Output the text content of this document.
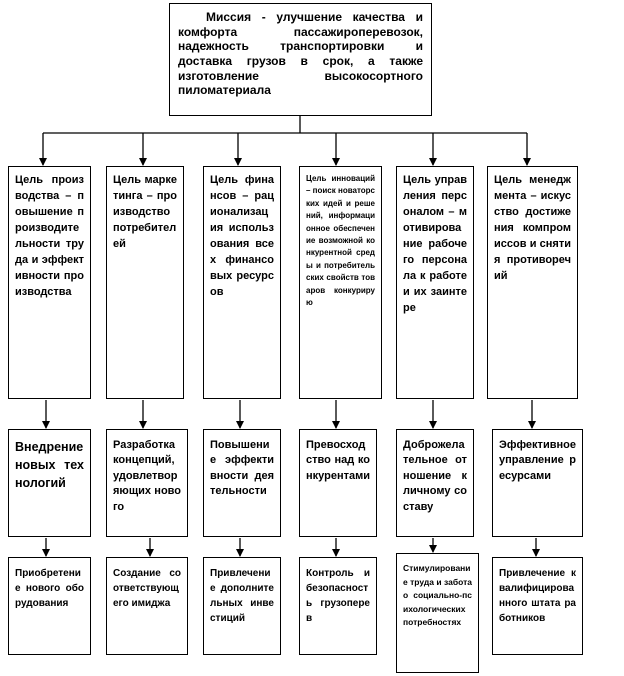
Миссия - улучшение качества и комфорта пассажироперевозок, надежность транспортировки и доставка грузов в срок, а также изготовление высокосортного пиломатериала
Цель производства – повышение производительности труда и эффективности производства
Цель маркетинга – производство потребителей
Цель финансов – рационализация использования всех финансовых ресурсов
Цель инноваций – поиск новаторских идей и решений, информационное обеспечение возможной конкурентной среды и потребительских свойств товаров конкурирую
Цель управления персоналом – мотивирование рабочего персонала к работе и их заинтере
Цель менеджмента – искусство достижения компромиссов и снятия противоречий
Внедрение новых технологий
Разработка концепций, удовлетворяющих нового
Повышение эффективности деятельности
Превосходство над конкурентами
Доброжелательное отношение к личному составу
Эффективное управление ресурсами
Приобретение нового оборудования
Создание соответствующего имиджа
Привлечение дополнительных инвестиций
Контроль и безопасность грузоперев
Стимулирование труда и забота о социально-психологических потребностях
Привлечение квалифицированного штата работников
